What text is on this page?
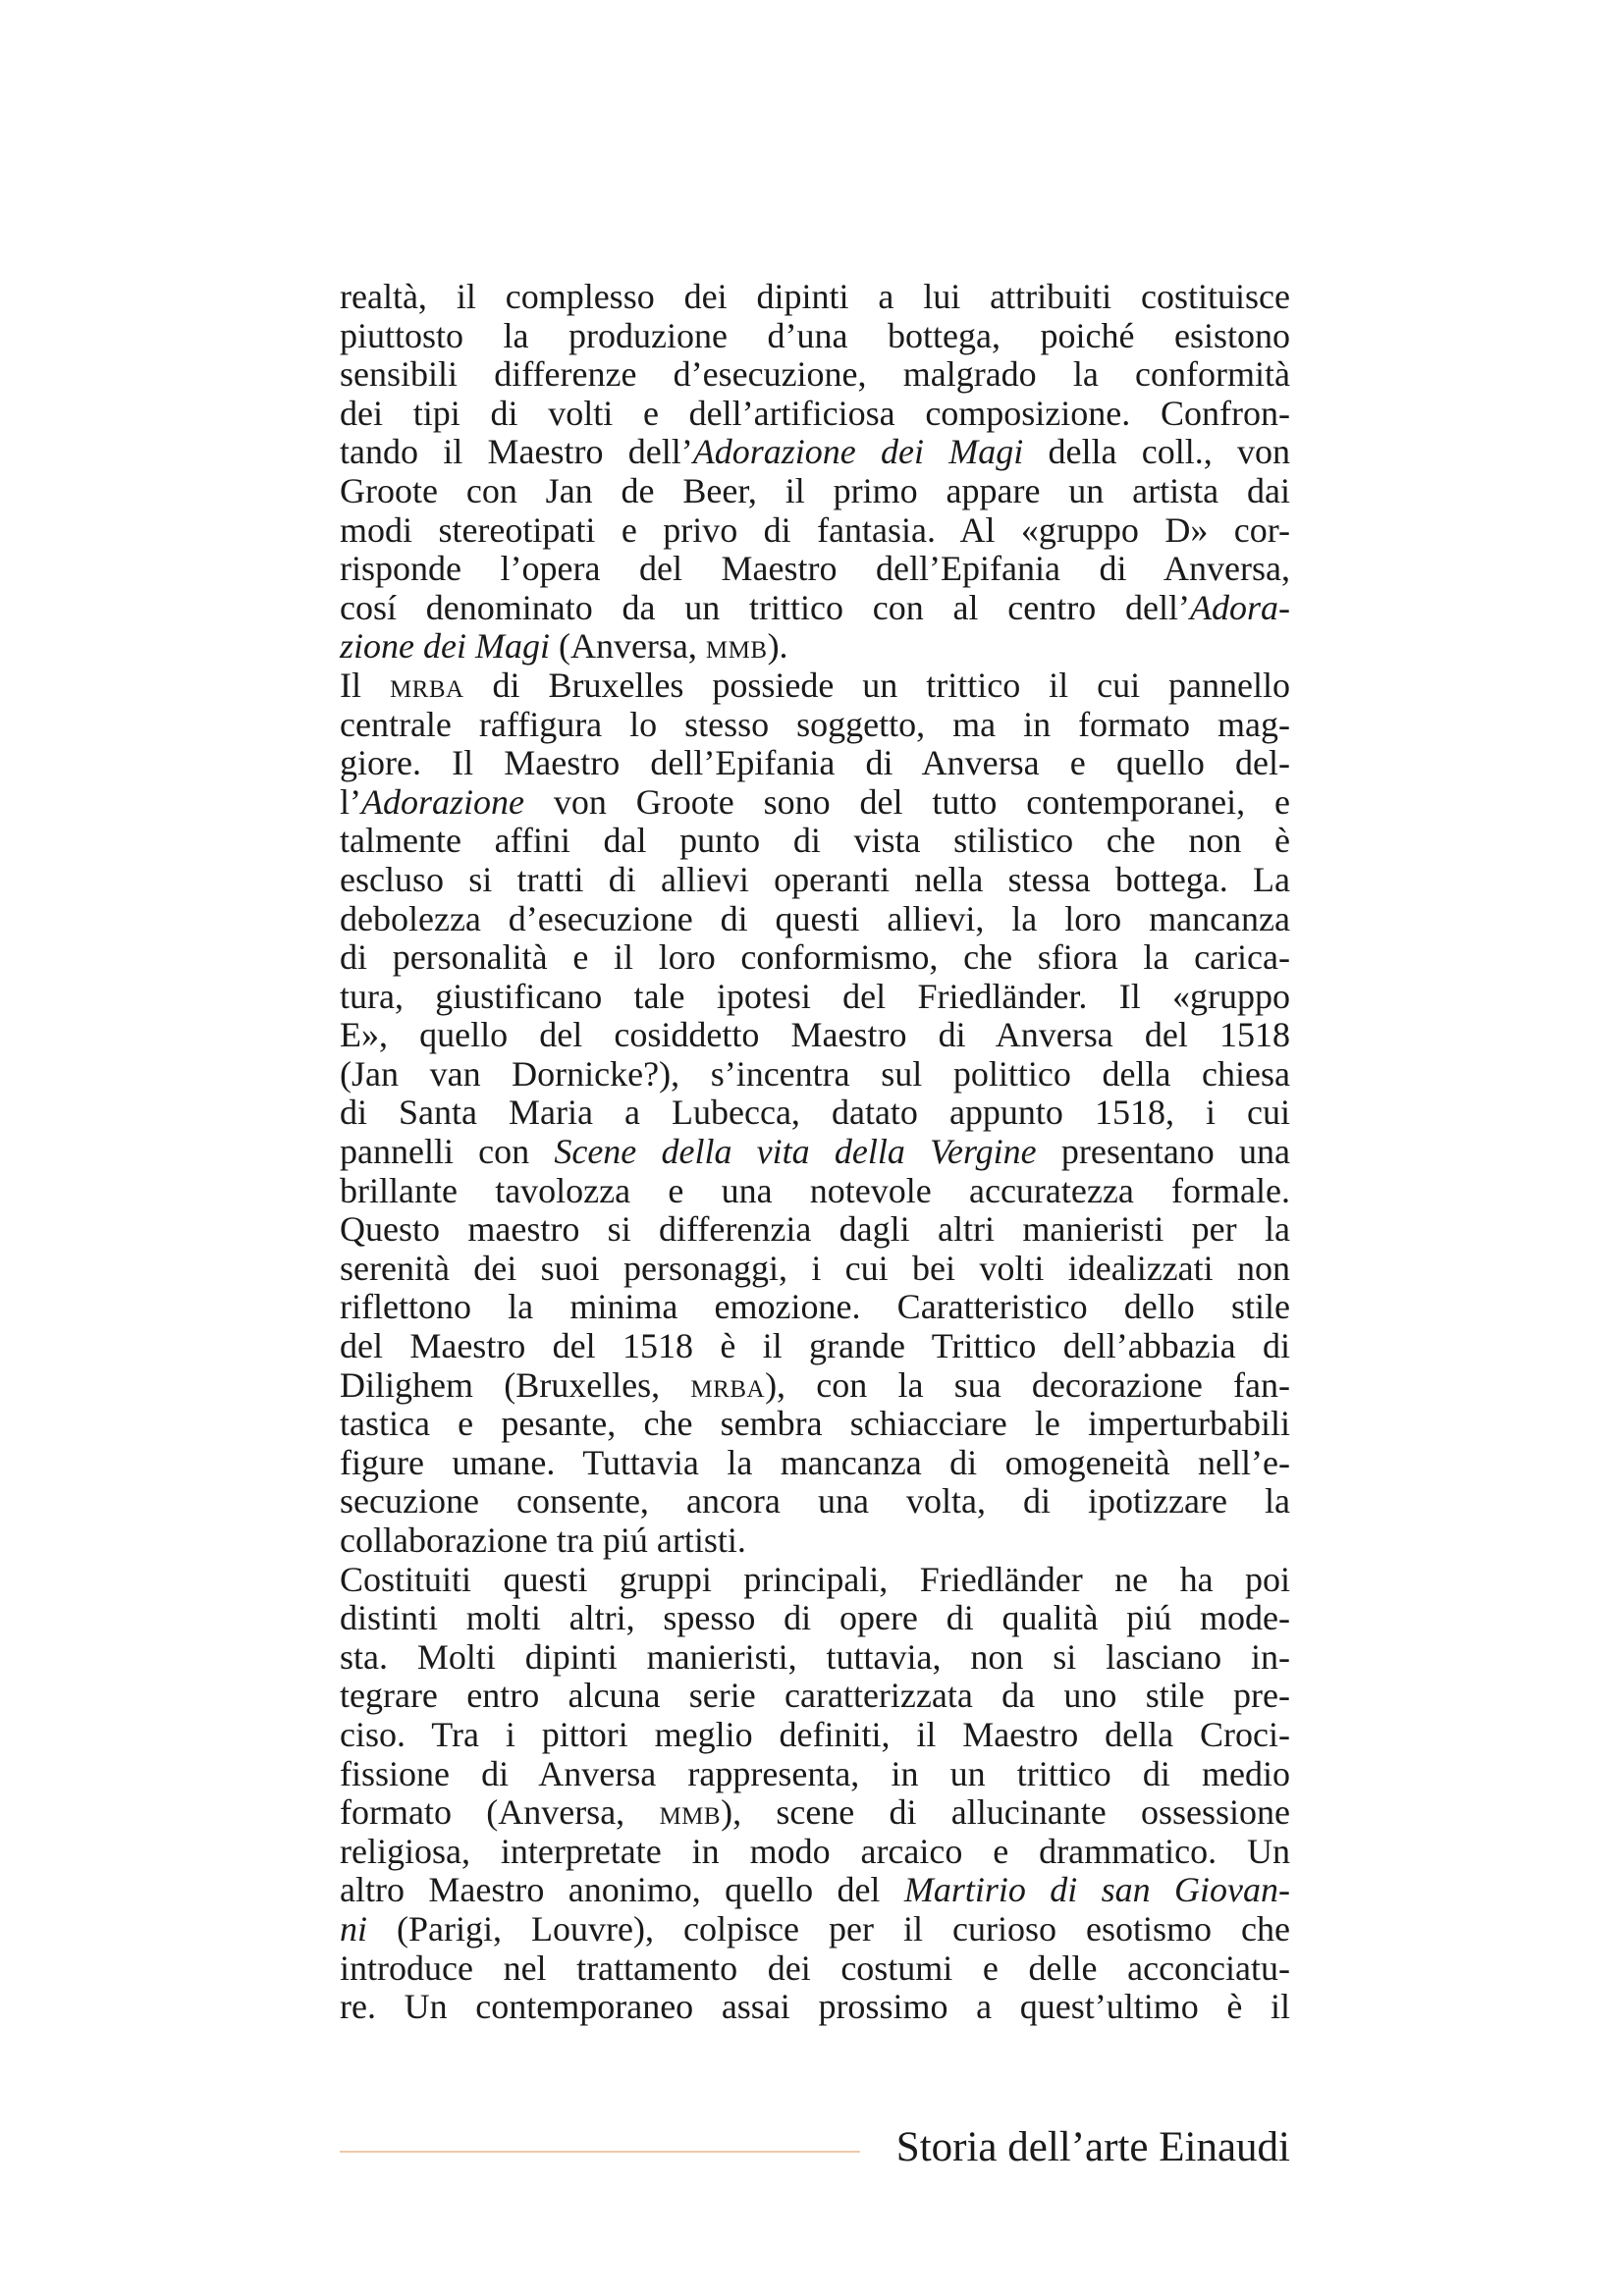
realtà, il complesso dei dipinti a lui attribuiti costituisce
piuttosto la produzione d’una bottega, poiché esistono
sensibili differenze d’esecuzione, malgrado la conformità
dei tipi di volti e dell’artificiosa composizione. Confron-
tando il Maestro dell’Adorazione dei Magi della coll., von
Groote con Jan de Beer, il primo appare un artista dai
modi stereotipati e privo di fantasia. Al «gruppo D» cor-
risponde l’opera del Maestro dell’Epifania di Anversa,
cosí denominato da un trittico con al centro dell’Adora-
zione dei Magi (Anversa, mmb).
Il mrba di Bruxelles possiede un trittico il cui pannello
centrale raffigura lo stesso soggetto, ma in formato mag-
giore. Il Maestro dell’Epifania di Anversa e quello del-
l’Adorazione von Groote sono del tutto contemporanei, e
talmente affini dal punto di vista stilistico che non è
escluso si tratti di allievi operanti nella stessa bottega. La
debolezza d’esecuzione di questi allievi, la loro mancanza
di personalità e il loro conformismo, che sfiora la carica-
tura, giustificano tale ipotesi del Friedländer. Il «gruppo
E», quello del cosiddetto Maestro di Anversa del 1518
(Jan van Dornicke?), s’incentra sul polittico della chiesa
di Santa Maria a Lubecca, datato appunto 1518, i cui
pannelli con Scene della vita della Vergine presentano una
brillante tavolozza e una notevole accuratezza formale.
Questo maestro si differenzia dagli altri manieristi per la
serenità dei suoi personaggi, i cui bei volti idealizzati non
riflettono la minima emozione. Caratteristico dello stile
del Maestro del 1518 è il grande Trittico dell’abbazia di
Dilighem (Bruxelles, mrba), con la sua decorazione fan-
tastica e pesante, che sembra schiacciare le imperturbabili
figure umane. Tuttavia la mancanza di omogeneità nell’e-
secuzione consente, ancora una volta, di ipotizzare la
collaborazione tra piú artisti.
Costituiti questi gruppi principali, Friedländer ne ha poi
distinti molti altri, spesso di opere di qualità piú mode-
sta. Molti dipinti manieristi, tuttavia, non si lasciano in-
tegrare entro alcuna serie caratterizzata da uno stile pre-
ciso. Tra i pittori meglio definiti, il Maestro della Croci-
fissione di Anversa rappresenta, in un trittico di medio
formato (Anversa, mmb), scene di allucinante ossessione
religiosa, interpretate in modo arcaico e drammatico. Un
altro Maestro anonimo, quello del Martirio di san Giovan-
ni (Parigi, Louvre), colpisce per il curioso esotismo che
introduce nel trattamento dei costumi e delle acconciatu-
re. Un contemporaneo assai prossimo a quest’ultimo è il
Storia dell’arte Einaudi
